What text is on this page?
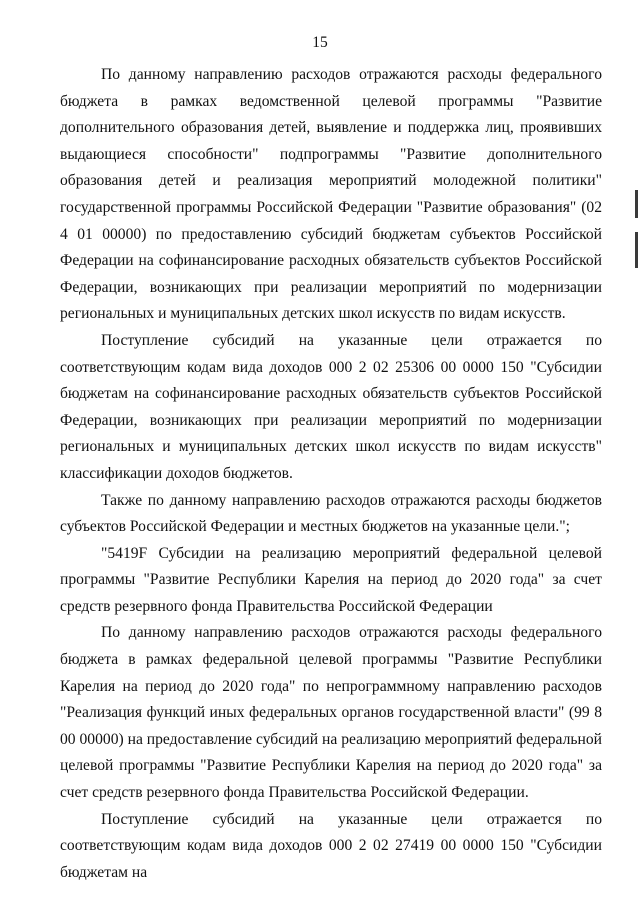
15

По данному направлению расходов отражаются расходы федерального бюджета в рамках ведомственной целевой программы "Развитие дополнительного образования детей, выявление и поддержка лиц, проявивших выдающиеся способности" подпрограммы "Развитие дополнительного образования детей и реализация мероприятий молодежной политики" государственной программы Российской Федерации "Развитие образования" (02 4 01 00000) по предоставлению субсидий бюджетам субъектов Российской Федерации на софинансирование расходных обязательств субъектов Российской Федерации, возникающих при реализации мероприятий по модернизации региональных и муниципальных детских школ искусств по видам искусств.

Поступление субсидий на указанные цели отражается по соответствующим кодам вида доходов 000 2 02 25306 00 0000 150 "Субсидии бюджетам на софинансирование расходных обязательств субъектов Российской Федерации, возникающих при реализации мероприятий по модернизации региональных и муниципальных детских школ искусств по видам искусств" классификации доходов бюджетов.

Также по данному направлению расходов отражаются расходы бюджетов субъектов Российской Федерации и местных бюджетов на указанные цели.";

"5419F Субсидии на реализацию мероприятий федеральной целевой программы "Развитие Республики Карелия на период до 2020 года" за счет средств резервного фонда Правительства Российской Федерации

По данному направлению расходов отражаются расходы федерального бюджета в рамках федеральной целевой программы "Развитие Республики Карелия на период до 2020 года" по непрограммному направлению расходов "Реализация функций иных федеральных органов государственной власти" (99 8 00 00000) на предоставление субсидий на реализацию мероприятий федеральной целевой программы "Развитие Республики Карелия на период до 2020 года" за счет средств резервного фонда Правительства Российской Федерации.

Поступление субсидий на указанные цели отражается по соответствующим кодам вида доходов 000 2 02 27419 00 0000 150 "Субсидии бюджетам на
